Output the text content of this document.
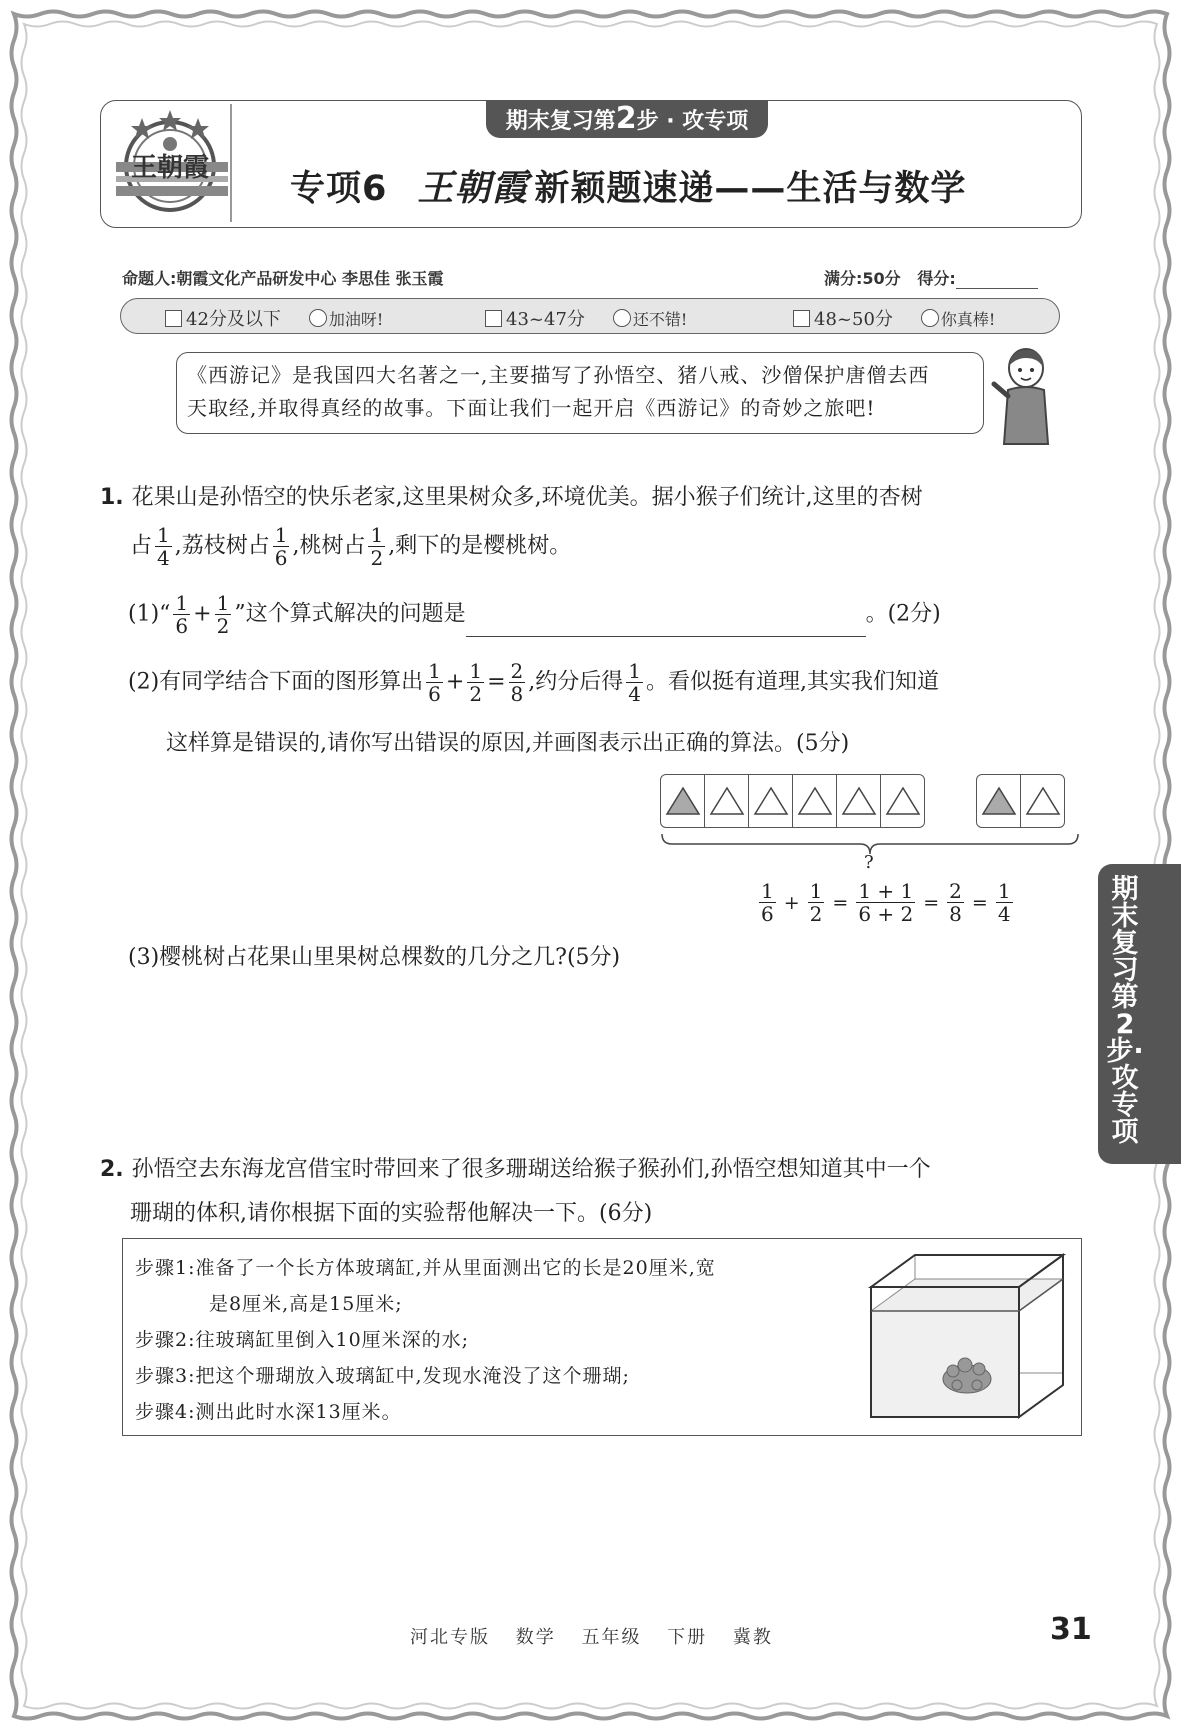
期末复习第2步 · 攻专项
王朝霞
专项6 王朝霞 新颖题速递——生活与数学
命题人:朝霞文化产品研发中心 李思佳 张玉霞	满分:50分 得分:
42分及以下	加油呀!	43~47分	还不错!	48~50分	你真棒!
《西游记》是我国四大名著之一,主要描写了孙悟空、猪八戒、沙僧保护唐僧去西
天取经,并取得真经的故事。下面让我们一起开启《西游记》的奇妙之旅吧!
1. 花果山是孙悟空的快乐老家,这里果树众多,环境优美。据小猴子们统计,这里的杏树
占 $\frac{1}{4}$ ,荔枝树占 $\frac{1}{6}$ ,桃树占 $\frac{1}{2}$ ,剩下的是樱桃树。
(1)“ $\frac{1}{6} + \frac{1}{2}$ ”这个算式解决的问题是	。(2分)
(2)有同学结合下面的图形算出 $\frac{1}{6} + \frac{1}{2} = \frac{2}{8}$ ,约分后得 $\frac{1}{4}$ 。看似挺有道理,其实我们知道
这样算是错误的,请你写出错误的原因,并画图表示出正确的算法。(5分)
?
$\frac{1}{6} + \frac{1}{2} = \frac{1 + 1}{6 + 2} = \frac{2}{8} = \frac{1}{4}$
(3)樱桃树占花果山里果树总棵数的几分之几?(5分)
2. 孙悟空去东海龙宫借宝时带回来了很多珊瑚送给猴子猴孙们,孙悟空想知道其中一个
珊瑚的体积,请你根据下面的实验帮他解决一下。(6分)
步骤1:准备了一个长方体玻璃缸,并从里面测出它的长是20厘米,宽
是8厘米,高是15厘米;
步骤2:往玻璃缸里倒入10厘米深的水;
步骤3:把这个珊瑚放入玻璃缸中,发现水淹没了这个珊瑚;
步骤4:测出此时水深13厘米。
期末复习第2步·攻专项
河北专版 数学 五年级 下册 冀教	31
